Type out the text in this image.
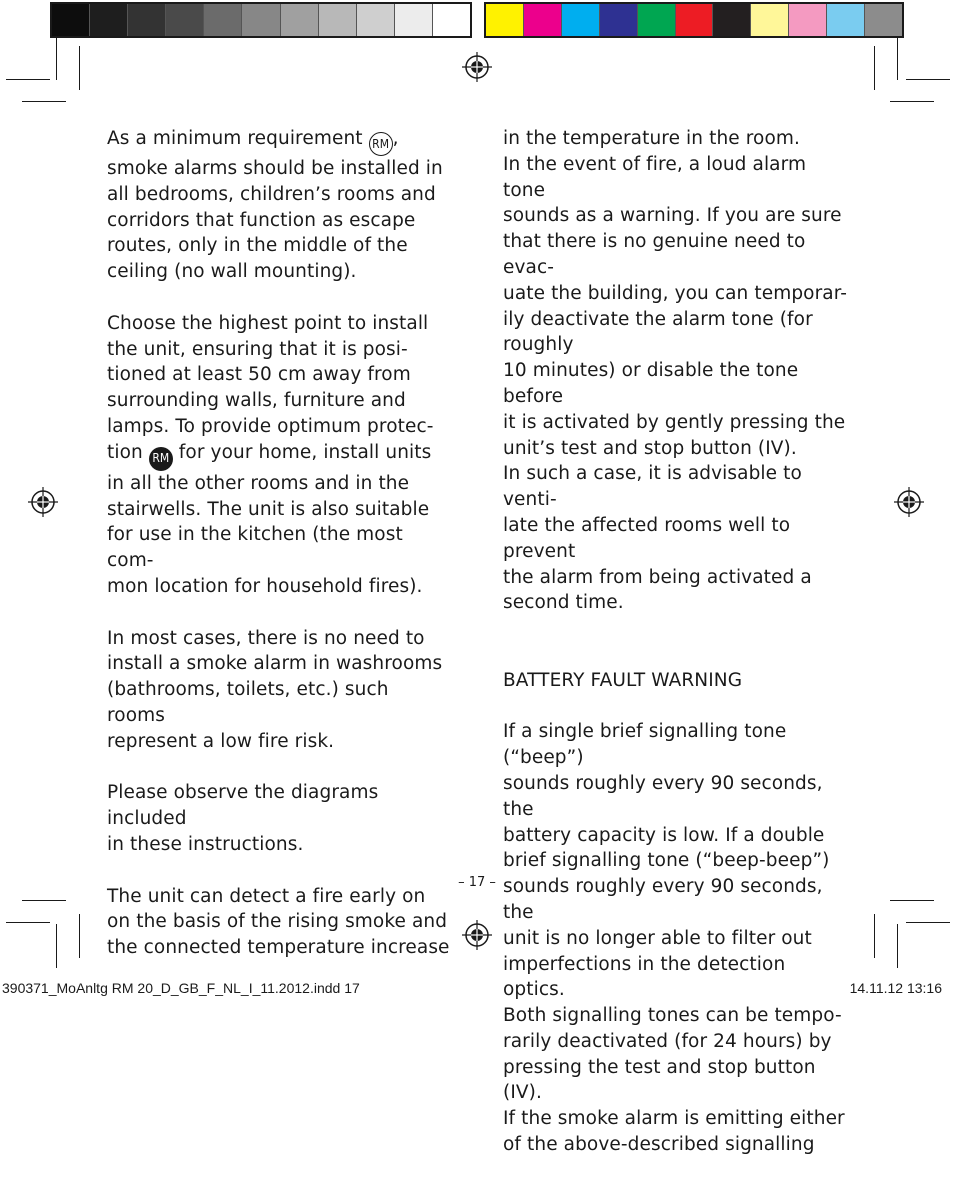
As a minimum requirement RM ,
smoke alarms should be installed in
all bedrooms, children’s rooms and
corridors that function as escape
routes, only in the middle of the
ceiling (no wall mounting).

Choose the highest point to install
the unit, ensuring that it is posi-
tioned at least 50 cm away from
surrounding walls, furniture and
lamps. To provide optimum protec-
tion RM for your home, install units
in all the other rooms and in the
stairwells. The unit is also suitable
for use in the kitchen (the most com-
mon location for household fires).

In most cases, there is no need to
install a smoke alarm in washrooms
(bathrooms, toilets, etc.) such rooms
represent a low fire risk.

Please observe the diagrams included
in these instructions.

The unit can detect a fire early on
on the basis of the rising smoke and
the connected temperature increase

in the temperature in the room.
In the event of fire, a loud alarm tone
sounds as a warning. If you are sure
that there is no genuine need to evac-
uate the building, you can temporar-
ily deactivate the alarm tone (for roughly
10 minutes) or disable the tone before
it is activated by gently pressing the
unit’s test and stop button (IV).
In such a case, it is advisable to venti-
late the affected rooms well to prevent
the alarm from being activated a
second time.

BATTERY FAULT WARNING

If a single brief signalling tone (“beep”)
sounds roughly every 90 seconds, the
battery capacity is low. If a double
brief signalling tone (“beep-beep”)
sounds roughly every 90 seconds, the
unit is no longer able to filter out
imperfections in the detection optics.
Both signalling tones can be tempo-
rarily deactivated (for 24 hours) by
pressing the test and stop button (IV).
If the smoke alarm is emitting either
of the above-described signalling

– 17 –
390371_MoAnltg RM 20_D_GB_F_NL_I_11.2012.indd 17	14.11.12 13:16
